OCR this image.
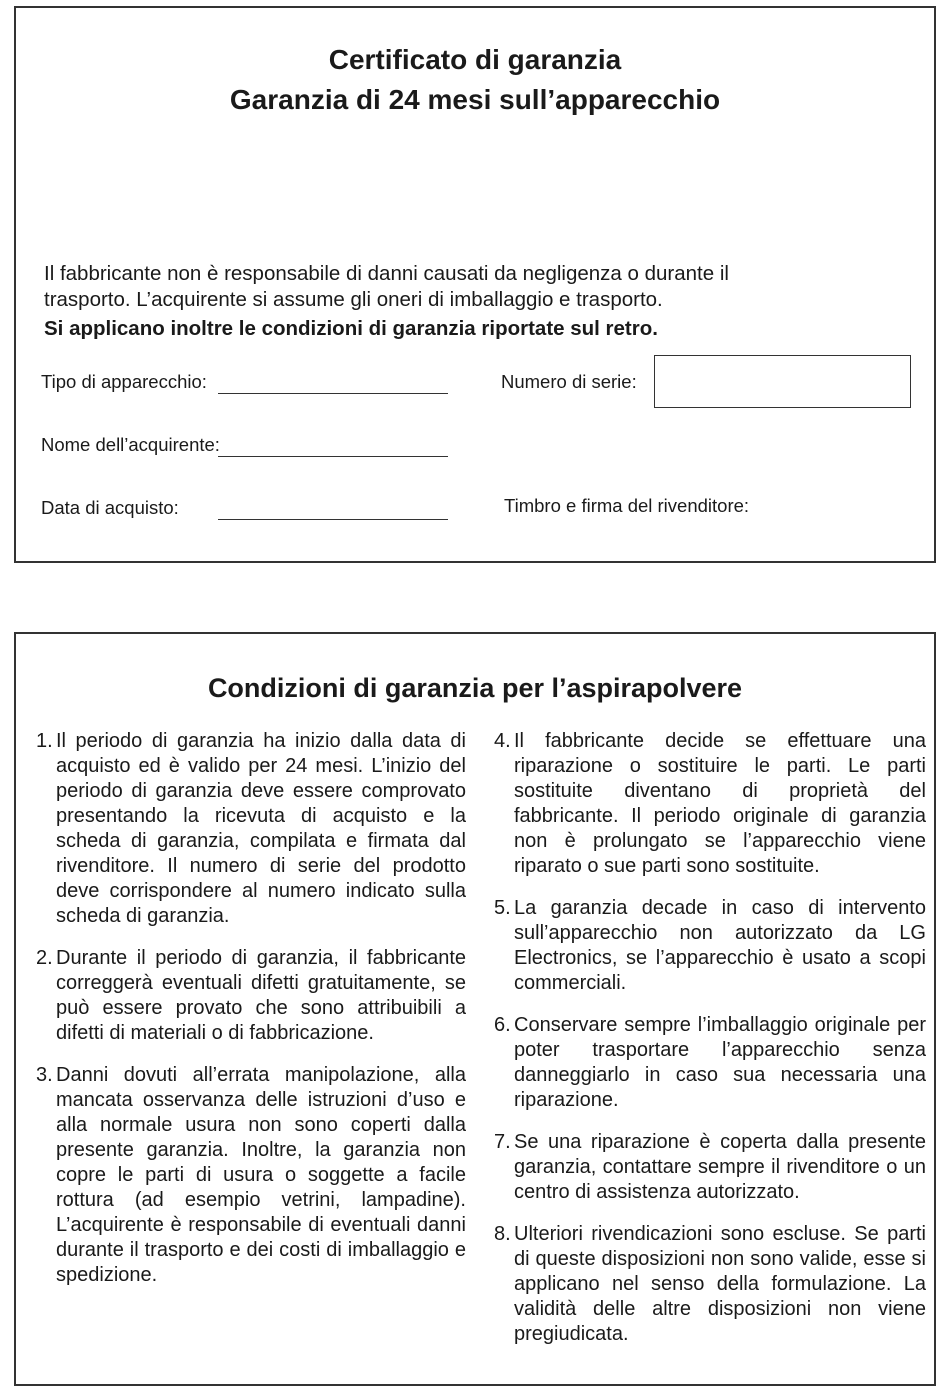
Certificato di garanzia
Garanzia di 24 mesi sull’apparecchio

Il fabbricante non è responsabile di danni causati da negligenza o durante il

trasporto. L’acquirente si assume gli oneri di imballaggio e trasporto.

Si applicano inoltre le condizioni di garanzia riportate sul retro.

Tipo di apparecchio:
Nome dell’acquirente:
Data di acquisto:
Numero di serie:
Timbro e firma del rivenditore:
Condizioni di garanzia per l’aspirapolvere

1. Il periodo di garanzia ha inizio dalla data di acquisto ed è valido per 24 mesi. L’inizio del periodo di garanzia deve essere comprovato presentando la ricevuta di acquisto e la scheda di garanzia, compilata e firmata dal rivenditore. Il numero di serie del prodotto deve corrispondere al numero indicato sulla scheda di garanzia.

2. Durante il periodo di garanzia, il fabbricante correggerà eventuali difetti gratuitamente, se può essere provato che sono attribuibili a difetti di materiali o di fabbricazione.

3. Danni dovuti all’errata manipolazione, alla mancata osservanza delle istruzioni d’uso e alla normale usura non sono coperti dalla presente garanzia. Inoltre, la garanzia non copre le parti di usura o soggette a facile rottura (ad esempio vetrini, lampadine). L’acquirente è responsabile di eventuali danni durante il trasporto e dei costi di imballaggio e spedizione.

4. Il fabbricante decide se effettuare una riparazione o sostituire le parti. Le parti sostituite diventano di proprietà del fabbricante. Il periodo originale di garanzia non è prolungato se l’apparecchio viene riparato o sue parti sono sostituite.

5. La garanzia decade in caso di intervento sull’apparecchio non autorizzato da LG Electronics, se l’apparecchio è usato a scopi commerciali.

6. Conservare sempre l’imballaggio originale per poter trasportare l’apparecchio senza danneggiarlo in caso sua necessaria una riparazione.

7. Se una riparazione è coperta dalla presente garanzia, contattare sempre il rivenditore o un centro di assistenza autorizzato.

8. Ulteriori rivendicazioni sono escluse. Se parti di queste disposizioni non sono valide, esse si applicano nel senso della formulazione. La validità delle altre disposizioni non viene pregiudicata.
